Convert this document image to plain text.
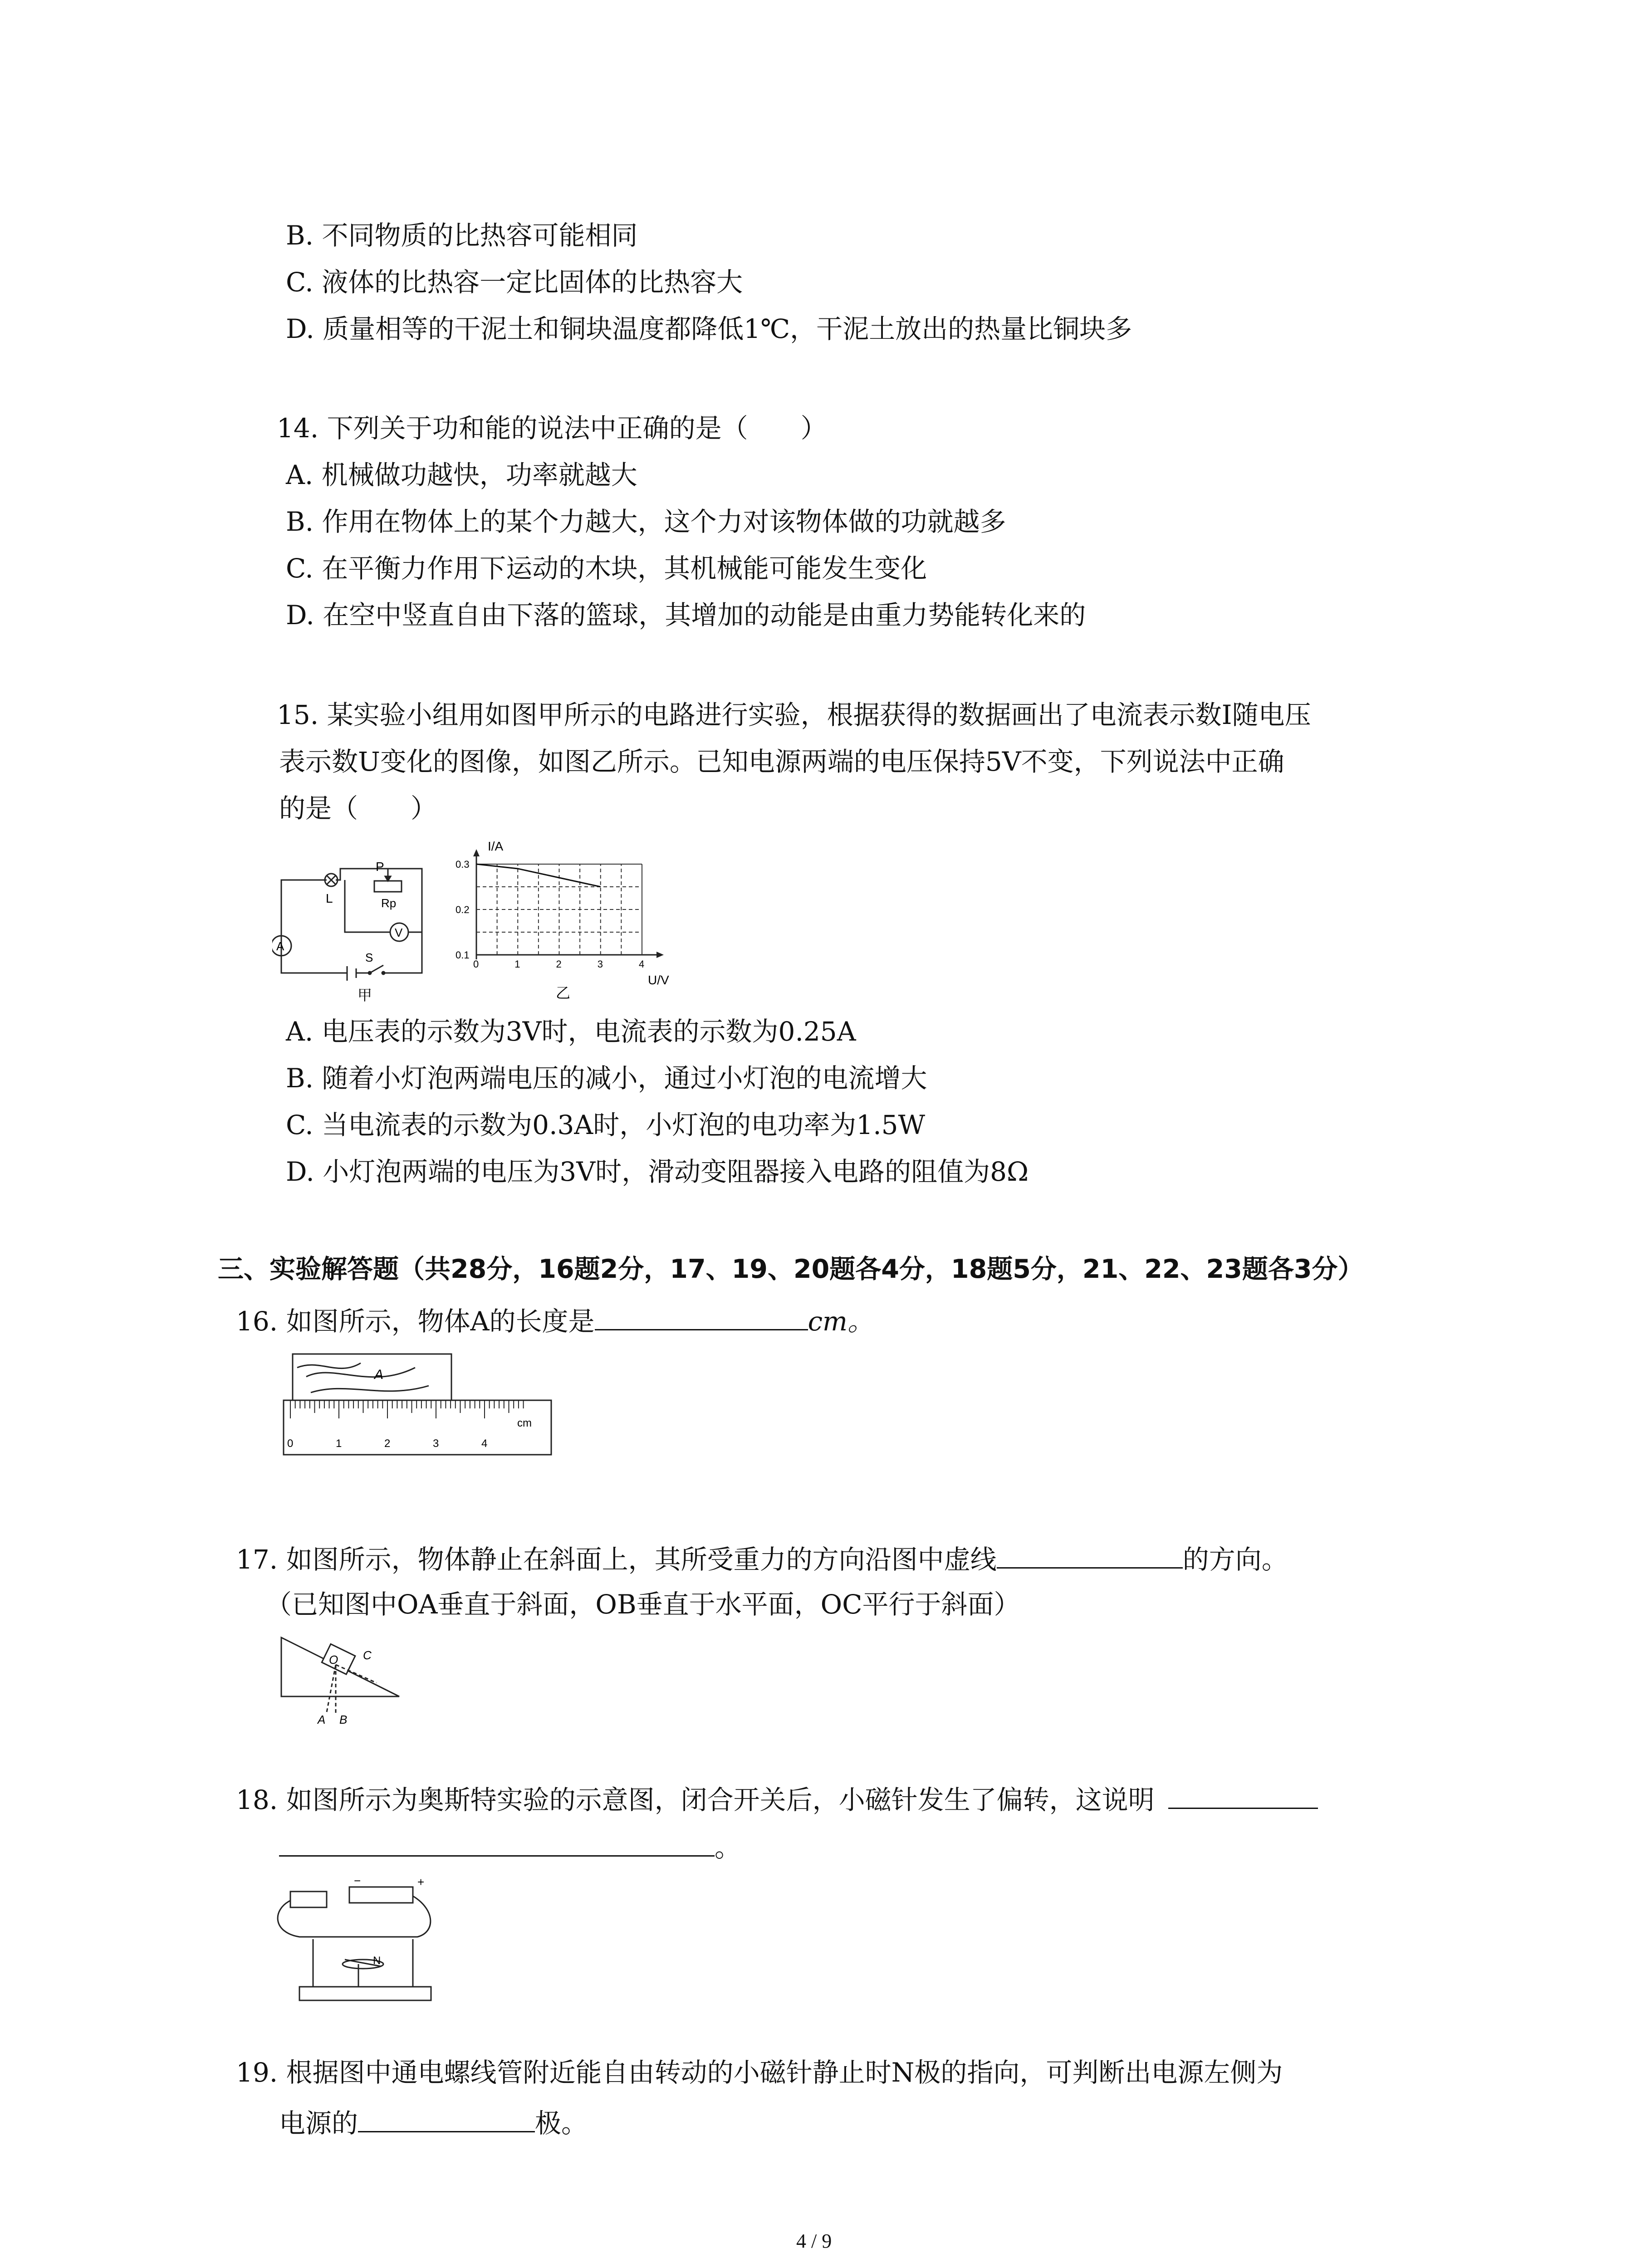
B. 不同物质的比热容可能相同
C. 液体的比热容一定比固体的比热容大
D. 质量相等的干泥土和铜块温度都降低1℃，干泥土放出的热量比铜块多
14. 下列关于功和能的说法中正确的是（　　）
A. 机械做功越快，功率就越大
B. 作用在物体上的某个力越大，这个力对该物体做的功就越多
C. 在平衡力作用下运动的木块，其机械能可能发生变化
D. 在空中竖直自由下落的篮球，其增加的动能是由重力势能转化来的
15. 某实验小组用如图甲所示的电路进行实验，根据获得的数据画出了电流表示数I随电压
表示数U变化的图像，如图乙所示。已知电源两端的电压保持5V不变，下列说法中正确
的是（　　）
L
P
Rp
A
V
S
甲
I/A
U/V
乙
0	1	2	3	4
0.1
0.2
0.3
A. 电压表的示数为3V时，电流表的示数为0.25A
B. 随着小灯泡两端电压的减小，通过小灯泡的电流增大
C. 当电流表的示数为0.3A时，小灯泡的电功率为1.5W
D. 小灯泡两端的电压为3V时，滑动变阻器接入电路的阻值为8Ω
三、实验解答题（共28分，16题2分，17、19、20题各4分，18题5分，21、22、23题各3分）
16. 如图所示，物体A的长度是	cm。
A
cm
0	1	2	3	4
17. 如图所示，物体静止在斜面上，其所受重力的方向沿图中虚线	的方向。
（已知图中OA垂直于斜面，OB垂直于水平面，OC平行于斜面）
O C
A B
18. 如图所示为奥斯特实验的示意图，闭合开关后，小磁针发生了偏转，这说明
。
−	+
N
19. 根据图中通电螺线管附近能自由转动的小磁针静止时N极的指向，可判断出电源左侧为
电源的	极。
4 / 9
